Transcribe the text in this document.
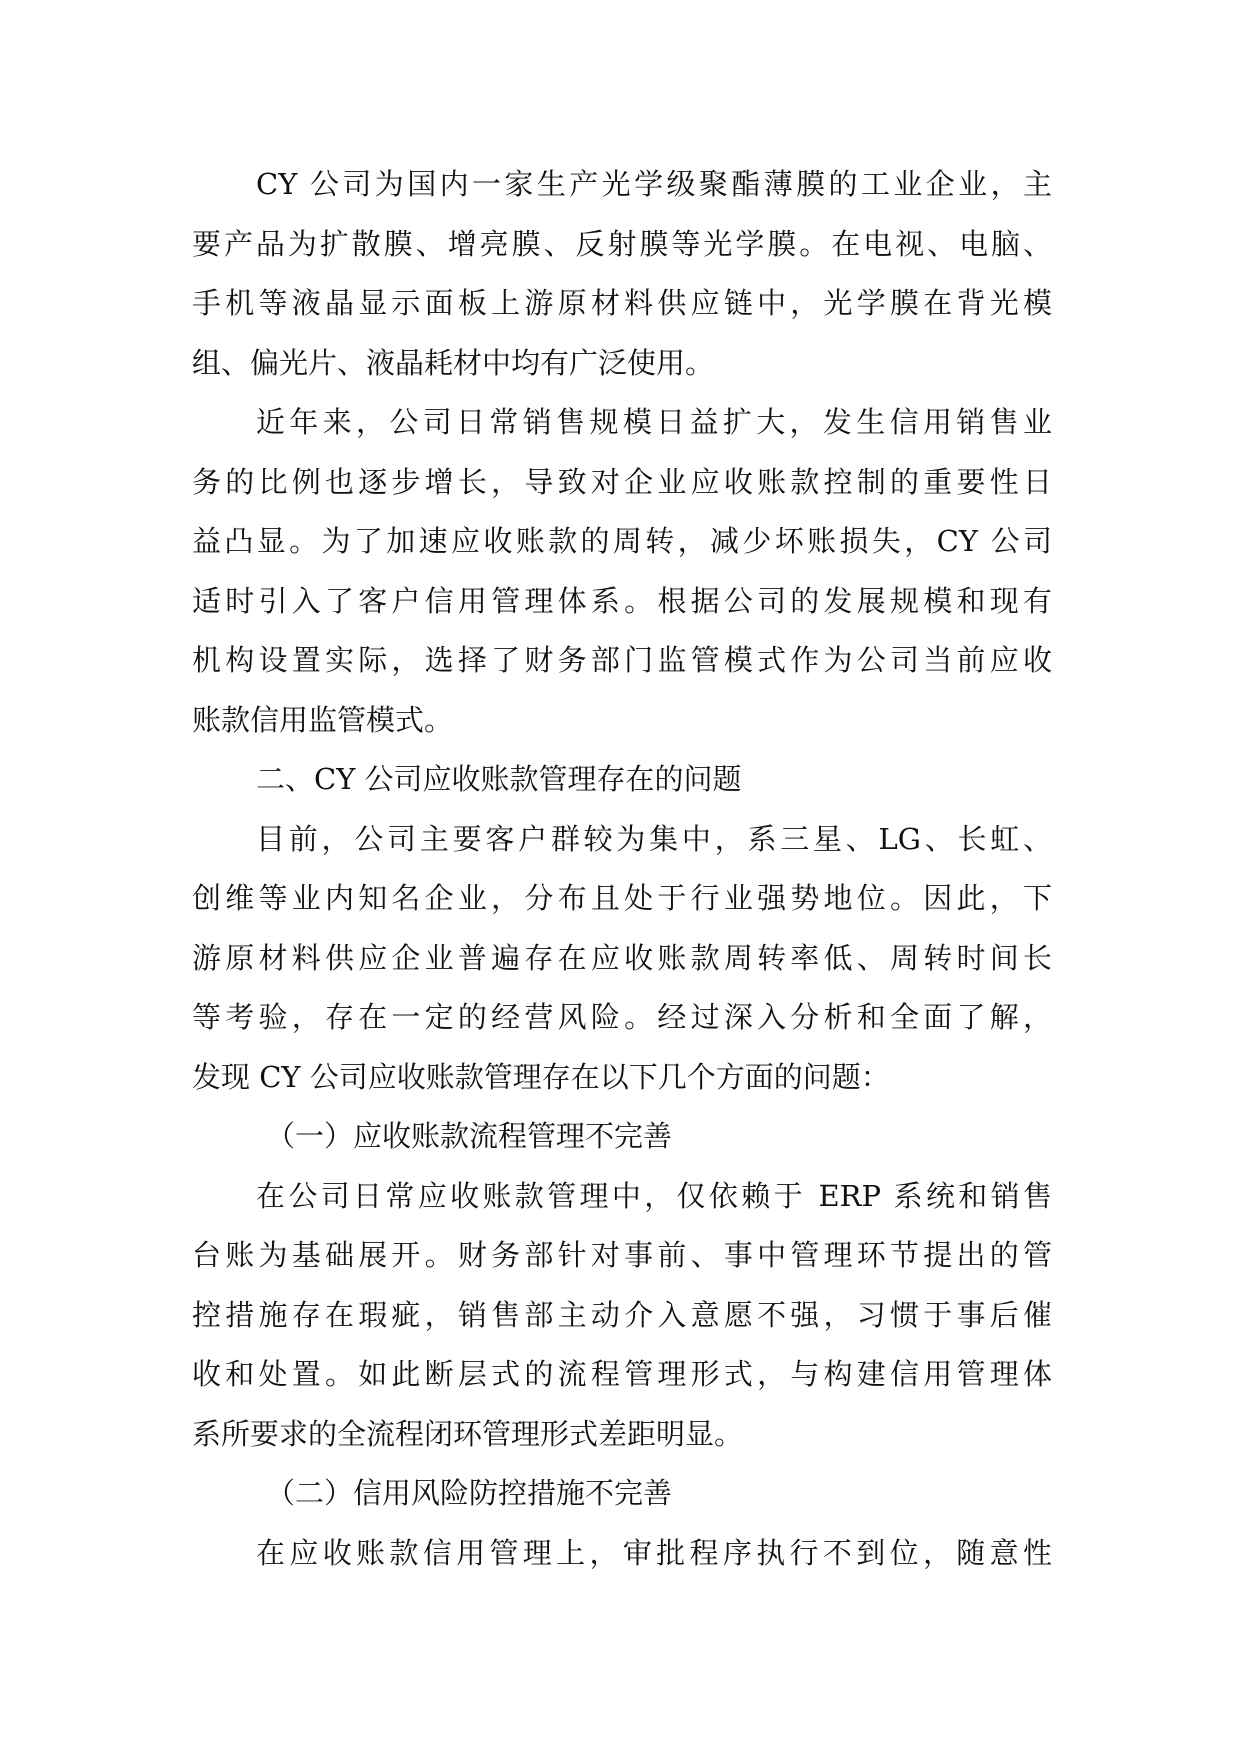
CY 公司为国内一家生产光学级聚酯薄膜的工业企业，主
要产品为扩散膜、增亮膜、反射膜等光学膜。在电视、电脑、
手机等液晶显示面板上游原材料供应链中，光学膜在背光模
组、偏光片、液晶耗材中均有广泛使用。
近年来，公司日常销售规模日益扩大，发生信用销售业
务的比例也逐步增长，导致对企业应收账款控制的重要性日
益凸显。为了加速应收账款的周转，减少坏账损失，CY 公司
适时引入了客户信用管理体系。根据公司的发展规模和现有
机构设置实际，选择了财务部门监管模式作为公司当前应收
账款信用监管模式。
二、CY 公司应收账款管理存在的问题
目前，公司主要客户群较为集中，系三星、LG、长虹、
创维等业内知名企业，分布且处于行业强势地位。因此，下
游原材料供应企业普遍存在应收账款周转率低、周转时间长
等考验，存在一定的经营风险。经过深入分析和全面了解，
发现 CY 公司应收账款管理存在以下几个方面的问题：
（一）应收账款流程管理不完善
在公司日常应收账款管理中，仅依赖于 ERP 系统和销售
台账为基础展开。财务部针对事前、事中管理环节提出的管
控措施存在瑕疵，销售部主动介入意愿不强，习惯于事后催
收和处置。如此断层式的流程管理形式，与构建信用管理体
系所要求的全流程闭环管理形式差距明显。
（二）信用风险防控措施不完善
在应收账款信用管理上，审批程序执行不到位，随意性
